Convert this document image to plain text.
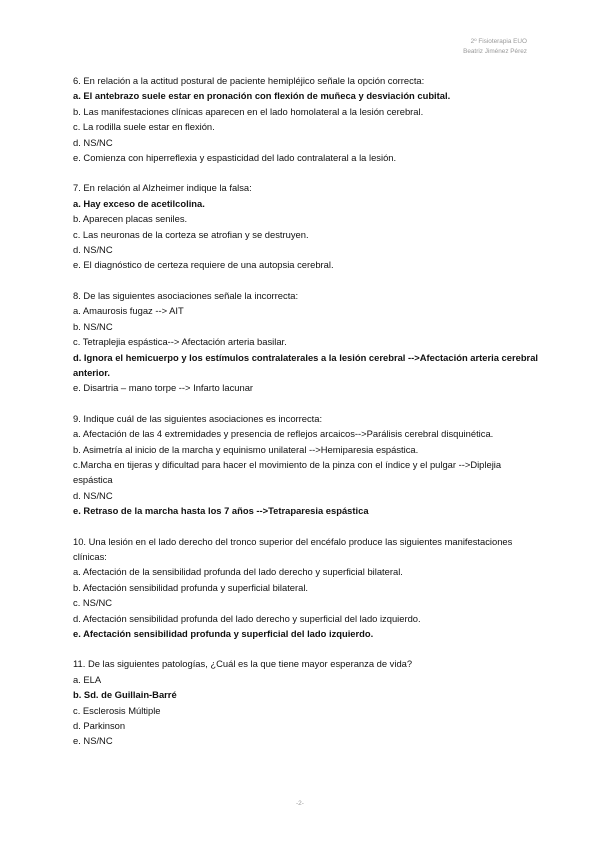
2º Fisioterapia EUO
Beatriz Jiménez Pérez
6. En relación a la actitud postural de paciente hemipléjico señale la opción correcta:
a. El antebrazo suele estar en pronación con flexión de muñeca y desviación cubital.
b. Las manifestaciones clínicas aparecen en el lado homolateral a la lesión cerebral.
c. La rodilla suele estar en flexión.
d. NS/NC
e. Comienza con hiperreflexia y espasticidad del lado contralateral a la lesión.
7. En relación al Alzheimer indique la falsa:
a. Hay exceso de acetilcolina.
b. Aparecen placas seniles.
c. Las neuronas de la corteza se atrofian y se destruyen.
d. NS/NC
e. El diagnóstico de certeza requiere de una autopsia cerebral.
8. De las siguientes asociaciones señale la incorrecta:
a. Amaurosis fugaz --> AIT
b. NS/NC
c. Tetraplejia espástica--> Afectación arteria basilar.
d. Ignora el hemicuerpo y los estímulos contralaterales a la lesión cerebral -->Afectación arteria cerebral anterior.
e. Disartria – mano torpe --> Infarto lacunar
9. Indique cuál de las siguientes asociaciones es incorrecta:
a. Afectación de las 4 extremidades y presencia de reflejos arcaicos-->Parálisis cerebral disquinética.
b. Asimetría al inicio de la marcha y equinismo unilateral -->Hemiparesia espástica.
c.Marcha en tijeras y dificultad para hacer el movimiento de la pinza con el índice y el pulgar -->Diplejia espástica
d. NS/NC
e. Retraso de la marcha hasta los 7 años -->Tetraparesia espástica
10. Una lesión en el lado derecho del tronco superior del encéfalo produce las siguientes manifestaciones clínicas:
a. Afectación de la sensibilidad profunda del lado derecho y superficial bilateral.
b. Afectación sensibilidad profunda y superficial bilateral.
c. NS/NC
d. Afectación sensibilidad profunda del lado derecho y superficial del lado izquierdo.
e. Afectación sensibilidad profunda y superficial del lado izquierdo.
11. De las siguientes patologías, ¿Cuál es la que tiene mayor esperanza de vida?
a. ELA
b. Sd. de Guillain-Barré
c. Esclerosis Múltiple
d. Parkinson
e. NS/NC
-2-
